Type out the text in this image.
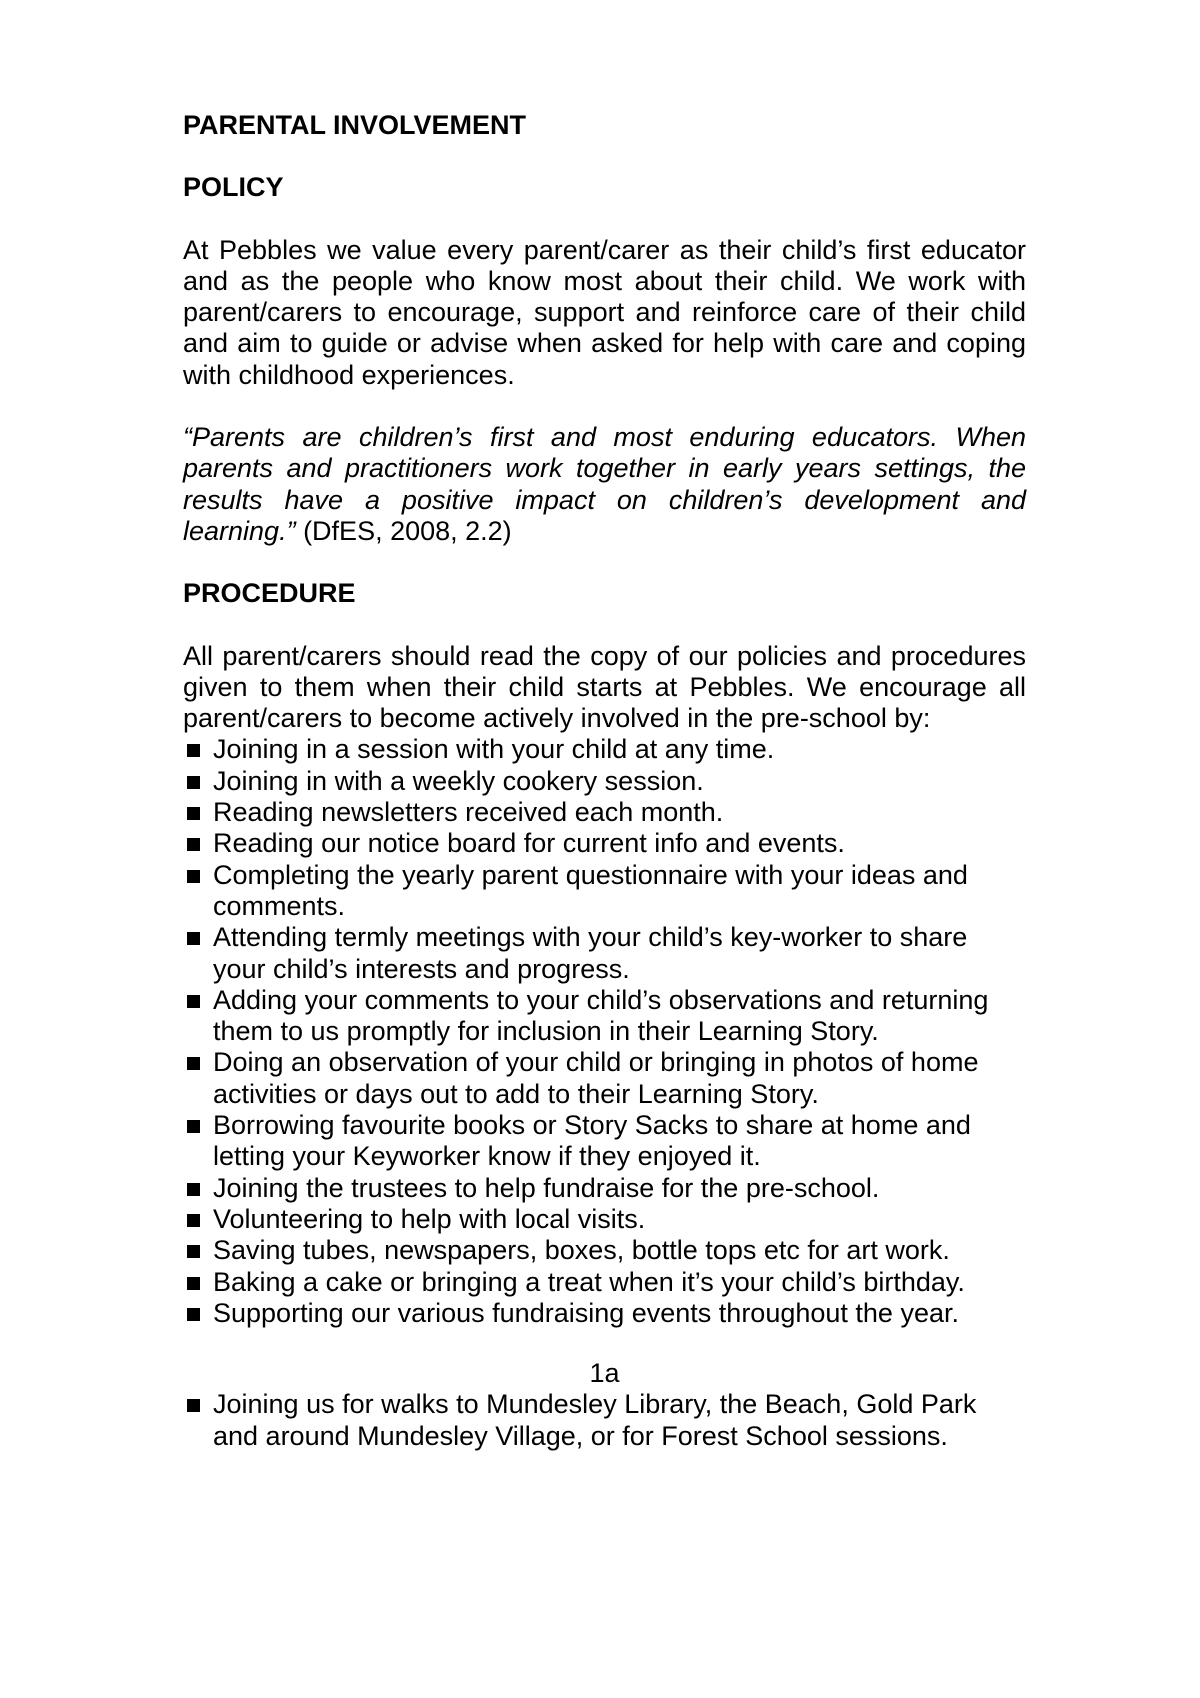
PARENTAL INVOLVEMENT

POLICY

At Pebbles we value every parent/carer as their child’s first educator and as the people who know most about their child. We work with parent/carers to encourage, support and reinforce care of their child and aim to guide or advise when asked for help with care and coping with childhood experiences.

“Parents are children’s first and most enduring educators. When parents and practitioners work together in early years settings, the results have a positive impact on children’s development and learning.” (DfES, 2008, 2.2)

PROCEDURE

All parent/carers should read the copy of our policies and procedures given to them when their child starts at Pebbles. We encourage all parent/carers to become actively involved in the pre-school by:

Joining in a session with your child at any time.
Joining in with a weekly cookery session.
Reading newsletters received each month.
Reading our notice board for current info and events.
Completing the yearly parent questionnaire with your ideas and comments.
Attending termly meetings with your child’s key-worker to share your child’s interests and progress.
Adding your comments to your child’s observations and returning them to us promptly for inclusion in their Learning Story.
Doing an observation of your child or bringing in photos of home activities or days out to add to their Learning Story.
Borrowing favourite books or Story Sacks to share at home and letting your Keyworker know if they enjoyed it.
Joining the trustees to help fundraise for the pre-school.
Volunteering to help with local visits.
Saving tubes, newspapers, boxes, bottle tops etc for art work.
Baking a cake or bringing a treat when it’s your child’s birthday.
Supporting our various fundraising events throughout the year.

1a

Joining us for walks to Mundesley Library, the Beach, Gold Park and around Mundesley Village, or for Forest School sessions.
